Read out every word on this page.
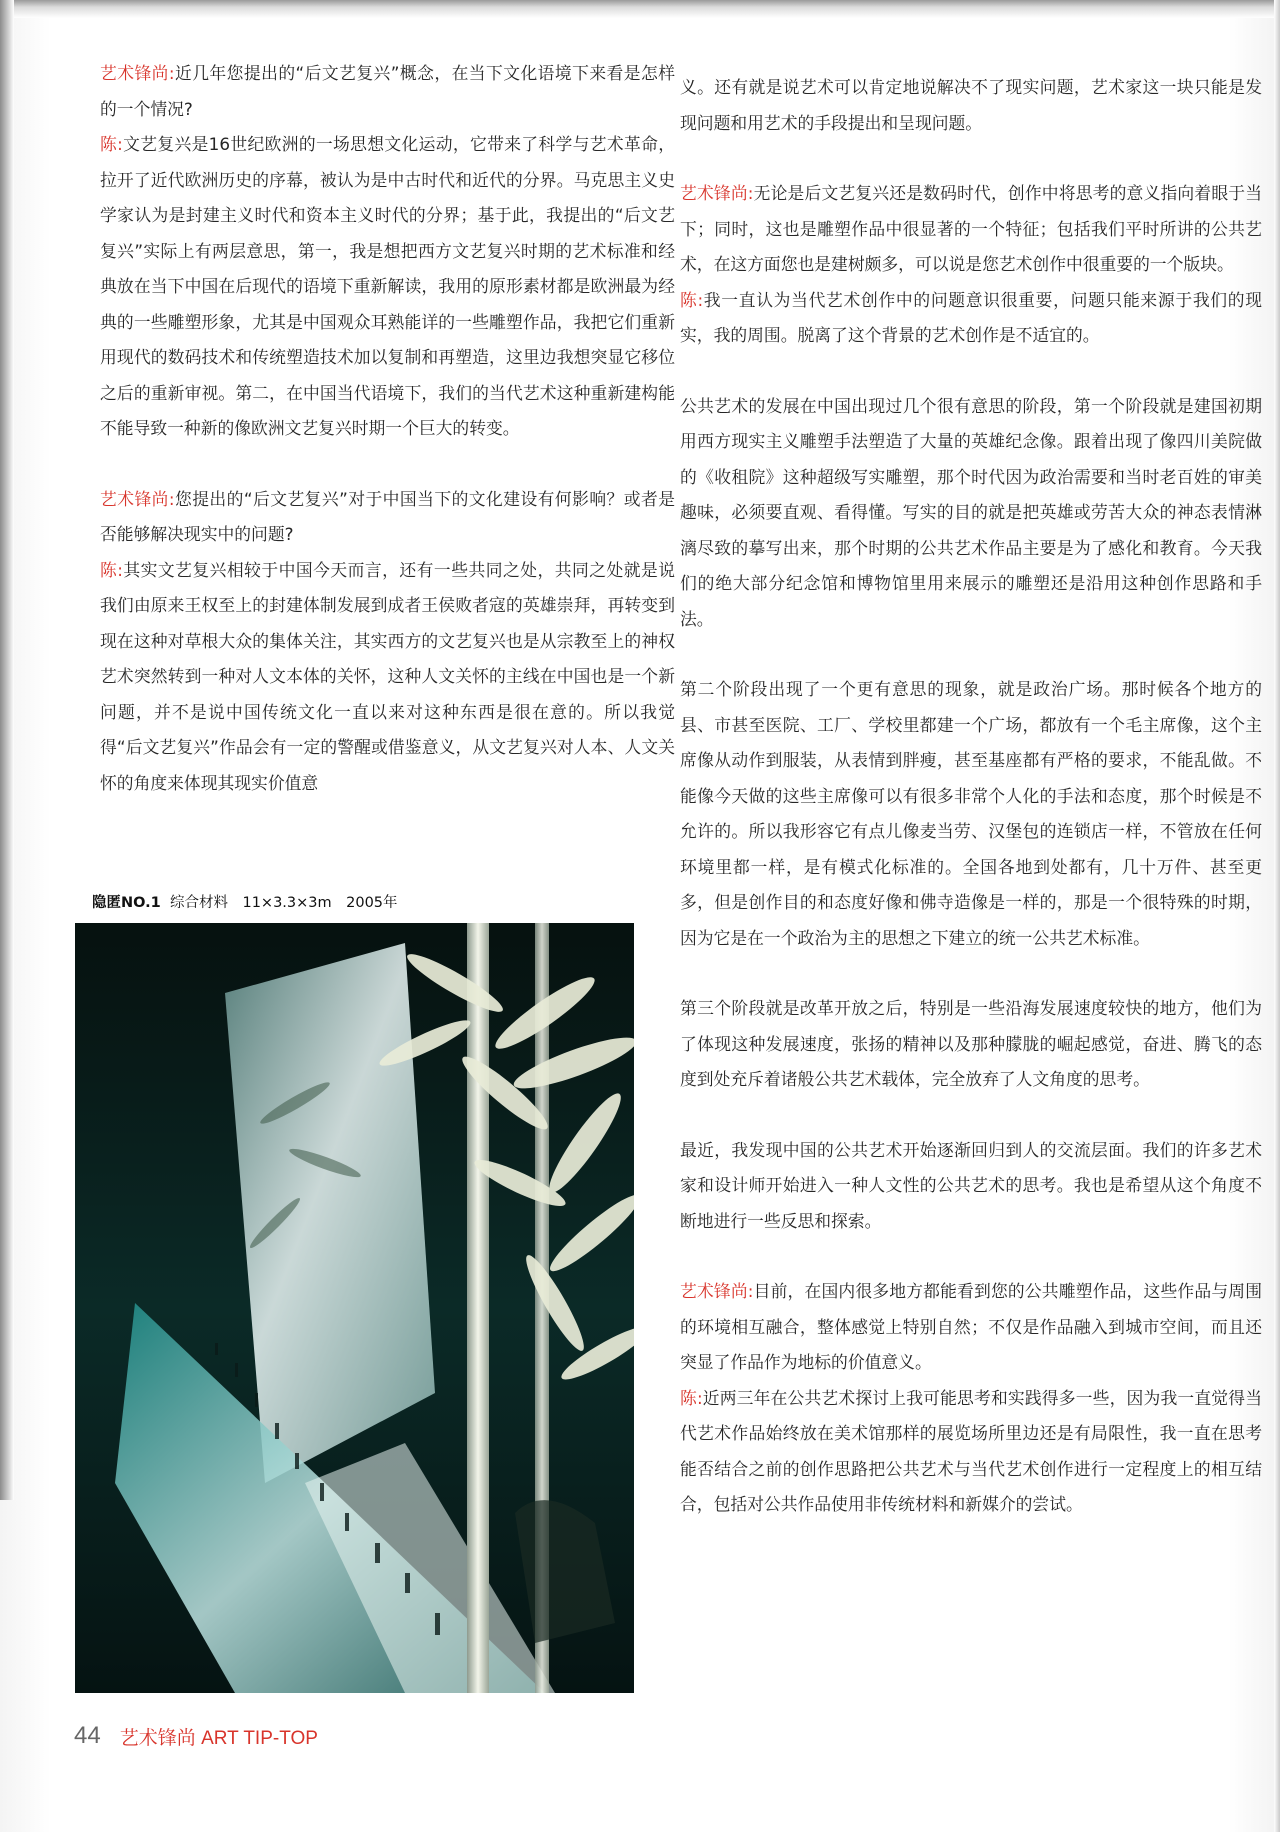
艺术锋尚:近几年您提出的“后文艺复兴”概念，在当下文化语境下来看是怎样的一个情况?

陈:文艺复兴是16世纪欧洲的一场思想文化运动，它带来了科学与艺术革命，拉开了近代欧洲历史的序幕，被认为是中古时代和近代的分界。马克思主义史学家认为是封建主义时代和资本主义时代的分界；基于此，我提出的“后文艺复兴”实际上有两层意思，第一，我是想把西方文艺复兴时期的艺术标准和经典放在当下中国在后现代的语境下重新解读，我用的原形素材都是欧洲最为经典的一些雕塑形象，尤其是中国观众耳熟能详的一些雕塑作品，我把它们重新用现代的数码技术和传统塑造技术加以复制和再塑造，这里边我想突显它移位之后的重新审视。第二，在中国当代语境下，我们的当代艺术这种重新建构能不能导致一种新的像欧洲文艺复兴时期一个巨大的转变。

艺术锋尚:您提出的“后文艺复兴”对于中国当下的文化建设有何影响？或者是否能够解决现实中的问题?

陈:其实文艺复兴相较于中国今天而言，还有一些共同之处，共同之处就是说我们由原来王权至上的封建体制发展到成者王侯败者寇的英雄崇拜，再转变到现在这种对草根大众的集体关注，其实西方的文艺复兴也是从宗教至上的神权艺术突然转到一种对人文本体的关怀，这种人文关怀的主线在中国也是一个新问题，并不是说中国传统文化一直以来对这种东西是很在意的。所以我觉得“后文艺复兴”作品会有一定的警醒或借鉴意义，从文艺复兴对人本、人文关怀的角度来体现其现实价值意

隐匿NO.1 综合材料　11×3.3×3m　2005年

义。还有就是说艺术可以肯定地说解决不了现实问题，艺术家这一块只能是发现问题和用艺术的手段提出和呈现问题。

艺术锋尚:无论是后文艺复兴还是数码时代，创作中将思考的意义指向着眼于当下；同时，这也是雕塑作品中很显著的一个特征；包括我们平时所讲的公共艺术，在这方面您也是建树颇多，可以说是您艺术创作中很重要的一个版块。

陈:我一直认为当代艺术创作中的问题意识很重要，问题只能来源于我们的现实，我的周围。脱离了这个背景的艺术创作是不适宜的。

公共艺术的发展在中国出现过几个很有意思的阶段，第一个阶段就是建国初期用西方现实主义雕塑手法塑造了大量的英雄纪念像。跟着出现了像四川美院做的《收租院》这种超级写实雕塑，那个时代因为政治需要和当时老百姓的审美趣味，必须要直观、看得懂。写实的目的就是把英雄或劳苦大众的神态表情淋漓尽致的摹写出来，那个时期的公共艺术作品主要是为了感化和教育。今天我们的绝大部分纪念馆和博物馆里用来展示的雕塑还是沿用这种创作思路和手法。

第二个阶段出现了一个更有意思的现象，就是政治广场。那时候各个地方的县、市甚至医院、工厂、学校里都建一个广场，都放有一个毛主席像，这个主席像从动作到服装，从表情到胖瘦，甚至基座都有严格的要求，不能乱做。不能像今天做的这些主席像可以有很多非常个人化的手法和态度，那个时候是不允许的。所以我形容它有点儿像麦当劳、汉堡包的连锁店一样，不管放在任何环境里都一样，是有模式化标准的。全国各地到处都有，几十万件、甚至更多，但是创作目的和态度好像和佛寺造像是一样的，那是一个很特殊的时期，因为它是在一个政治为主的思想之下建立的统一公共艺术标准。

第三个阶段就是改革开放之后，特别是一些沿海发展速度较快的地方，他们为了体现这种发展速度，张扬的精神以及那种朦胧的崛起感觉，奋进、腾飞的态度到处充斥着诸般公共艺术载体，完全放弃了人文角度的思考。

最近，我发现中国的公共艺术开始逐渐回归到人的交流层面。我们的许多艺术家和设计师开始进入一种人文性的公共艺术的思考。我也是希望从这个角度不断地进行一些反思和探索。

艺术锋尚:目前，在国内很多地方都能看到您的公共雕塑作品，这些作品与周围的环境相互融合，整体感觉上特别自然；不仅是作品融入到城市空间，而且还突显了作品作为地标的价值意义。

陈:近两三年在公共艺术探讨上我可能思考和实践得多一些，因为我一直觉得当代艺术作品始终放在美术馆那样的展览场所里边还是有局限性，我一直在思考能否结合之前的创作思路把公共艺术与当代艺术创作进行一定程度上的相互结合，包括对公共作品使用非传统材料和新媒介的尝试。

44 艺术锋尚 ART TIP-TOP
